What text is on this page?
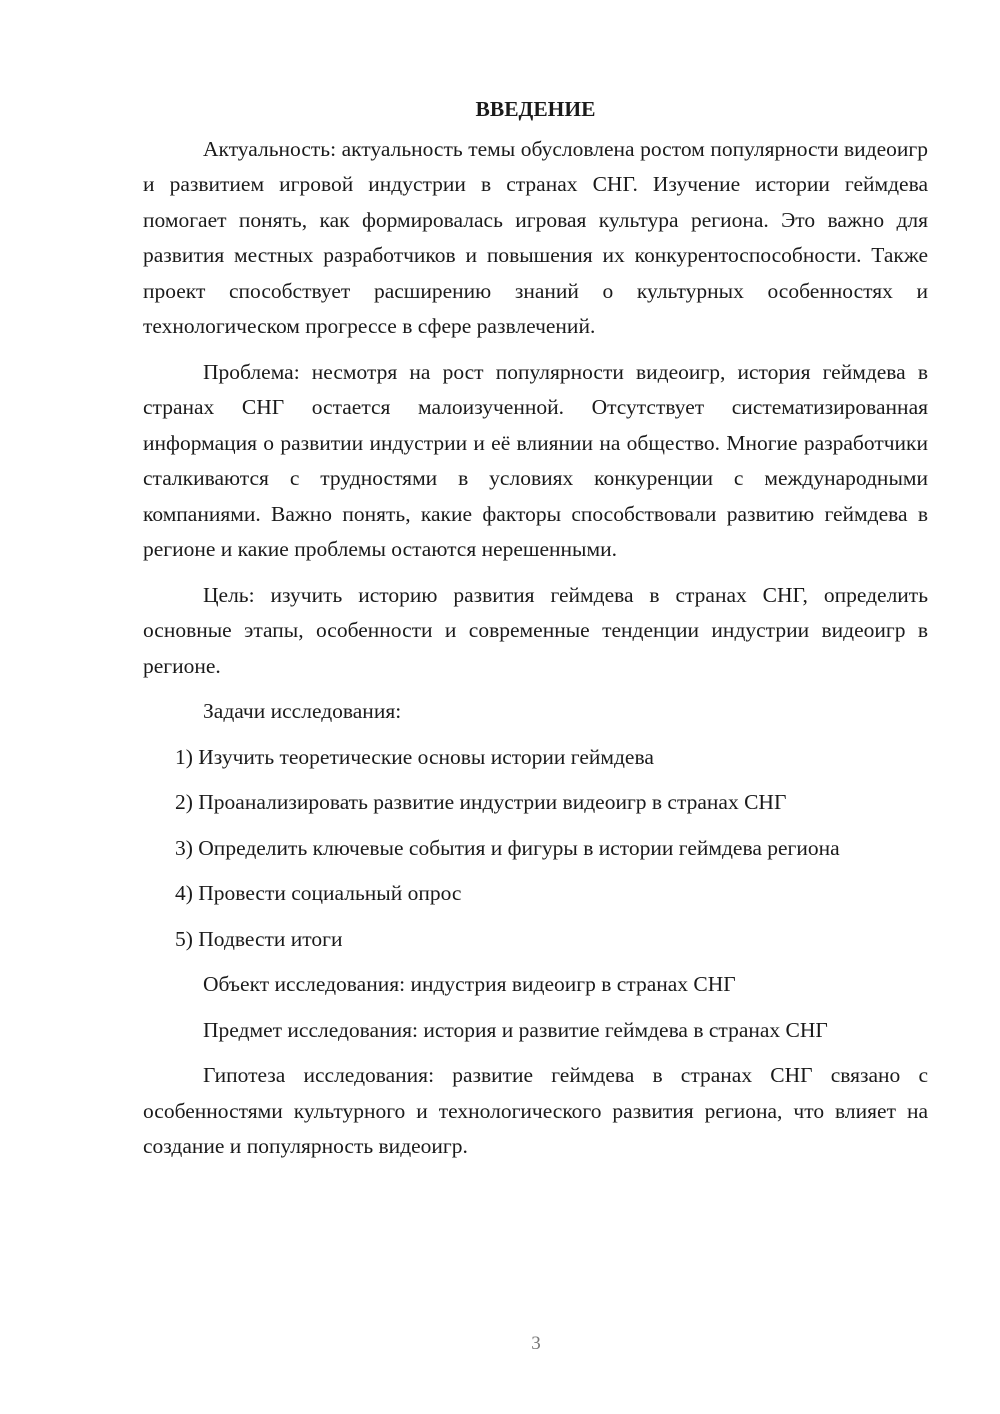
ВВЕДЕНИЕ

Актуальность: актуальность темы обусловлена ростом популярности видеоигр и развитием игровой индустрии в странах СНГ. Изучение истории геймдева помогает понять, как формировалась игровая культура региона. Это важно для развития местных разработчиков и повышения их конкурентоспособности. Также проект способствует расширению знаний о культурных особенностях и технологическом прогрессе в сфере развлечений.

Проблема: несмотря на рост популярности видеоигр, история геймдева в странах СНГ остается малоизученной. Отсутствует систематизированная информация о развитии индустрии и её влиянии на общество. Многие разработчики сталкиваются с трудностями в условиях конкуренции с международными компаниями. Важно понять, какие факторы способствовали развитию геймдева в регионе и какие проблемы остаются нерешенными.

Цель: изучить историю развития геймдева в странах СНГ, определить основные этапы, особенности и современные тенденции индустрии видеоигр в регионе.

Задачи исследования:

1) Изучить теоретические основы истории геймдева

2) Проанализировать развитие индустрии видеоигр в странах СНГ

3) Определить ключевые события и фигуры в истории геймдева региона

4) Провести социальный опрос

5) Подвести итоги

Объект исследования: индустрия видеоигр в странах СНГ

Предмет исследования: история и развитие геймдева в странах СНГ

Гипотеза исследования: развитие геймдева в странах СНГ связано с особенностями культурного и технологического развития региона, что влияет на создание и популярность видеоигр.

3
